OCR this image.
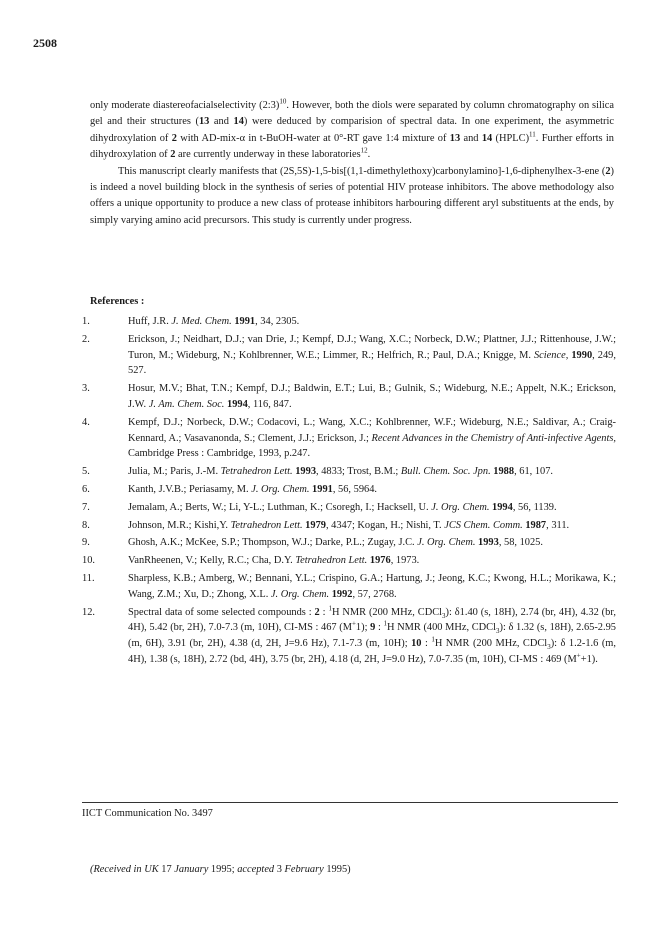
2508

only moderate diastereofacialselectivity (2:3)$^{10}$. However, both the diols were separated by column chromatography on silica gel and their structures (13 and 14) were deduced by comparision of spectral data. In one experiment, the asymmetric dihydroxylation of 2 with AD-mix-α in t-BuOH-water at 0°-RT gave 1:4 mixture of 13 and 14 (HPLC)$^{11}$. Further efforts in dihydroxylation of 2 are currently underway in these laboratories$^{12}$.

This manuscript clearly manifests that (2S,5S)-1,5-bis[(1,1-dimethylethoxy)carbonylamino]-1,6-diphenylhex-3-ene (2) is indeed a novel building block in the synthesis of series of potential HIV protease inhibitors. The above methodology also offers a unique opportunity to produce a new class of protease inhibitors harbouring different aryl substituents at the ends, by simply varying amino acid precursors. This study is currently under progress.

References :
1.	Huff, J.R. J. Med. Chem. 1991, 34, 2305.
2.	Erickson, J.; Neidhart, D.J.; van Drie, J.; Kempf, D.J.; Wang, X.C.; Norbeck, D.W.; Plattner, J.J.; Rittenhouse, J.W.; Turon, M.; Wideburg, N.; Kohlbrenner, W.E.; Limmer, R.; Helfrich, R.; Paul, D.A.; Knigge, M. Science, 1990, 249, 527.
3.	Hosur, M.V.; Bhat, T.N.; Kempf, D.J.; Baldwin, E.T.; Lui, B.; Gulnik, S.; Wideburg, N.E.; Appelt, N.K.; Erickson, J.W. J. Am. Chem. Soc. 1994, 116, 847.
4.	Kempf, D.J.; Norbeck, D.W.; Codacovi, L.; Wang, X.C.; Kohlbrenner, W.F.; Wideburg, N.E.; Saldivar, A.; Craig-Kennard, A.; Vasavanonda, S.; Clement, J.J.; Erickson, J.; Recent Advances in the Chemistry of Anti-infective Agents, Cambridge Press : Cambridge, 1993, p.247.
5.	Julia, M.; Paris, J.-M. Tetrahedron Lett. 1993, 4833; Trost, B.M.; Bull. Chem. Soc. Jpn. 1988, 61, 107.
6.	Kanth, J.V.B.; Periasamy, M. J. Org. Chem. 1991, 56, 5964.
7.	Jemalam, A.; Berts, W.; Li, Y-L.; Luthman, K.; Csoregh, I.; Hacksell, U. J. Org. Chem. 1994, 56, 1139.
8.	Johnson, M.R.; Kishi,Y. Tetrahedron Lett. 1979, 4347; Kogan, H.; Nishi, T. JCS Chem. Comm. 1987, 311.
9.	Ghosh, A.K.; McKee, S.P.; Thompson, W.J.; Darke, P.L.; Zugay, J.C. J. Org. Chem. 1993, 58, 1025.
10.	VanRheenen, V.; Kelly, R.C.; Cha, D.Y. Tetrahedron Lett. 1976, 1973.
11.	Sharpless, K.B.; Amberg, W.; Bennani, Y.L.; Crispino, G.A.; Hartung, J.; Jeong, K.C.; Kwong, H.L.; Morikawa, K.; Wang, Z.M.; Xu, D.; Zhong, X.L. J. Org. Chem. 1992, 57, 2768.
12.	Spectral data of some selected compounds : 2 : $^1$H NMR (200 MHz, CDCl$_3$): δ1.40 (s, 18H), 2.74 (br, 4H), 4.32 (br, 4H), 5.42 (br, 2H), 7.0-7.3 (m, 10H), CI-MS : 467 (M+1); 9 : $^1$H NMR (400 MHz, CDCl$_3$): δ 1.32 (s, 18H), 2.65-2.95 (m, 6H), 3.91 (br, 2H), 4.38 (d, 2H, J=9.6 Hz), 7.1-7.3 (m, 10H); 10 : $^1$H NMR (200 MHz, CDCl$_3$): δ 1.2-1.6 (m, 4H), 1.38 (s, 18H), 2.72 (bd, 4H), 3.75 (br, 2H), 4.18 (d, 2H, J=9.0 Hz), 7.0-7.35 (m, 10H), CI-MS : 469 (M++1).
IICT Communication No. 3497
(Received in UK 17 January 1995; accepted 3 February 1995)
